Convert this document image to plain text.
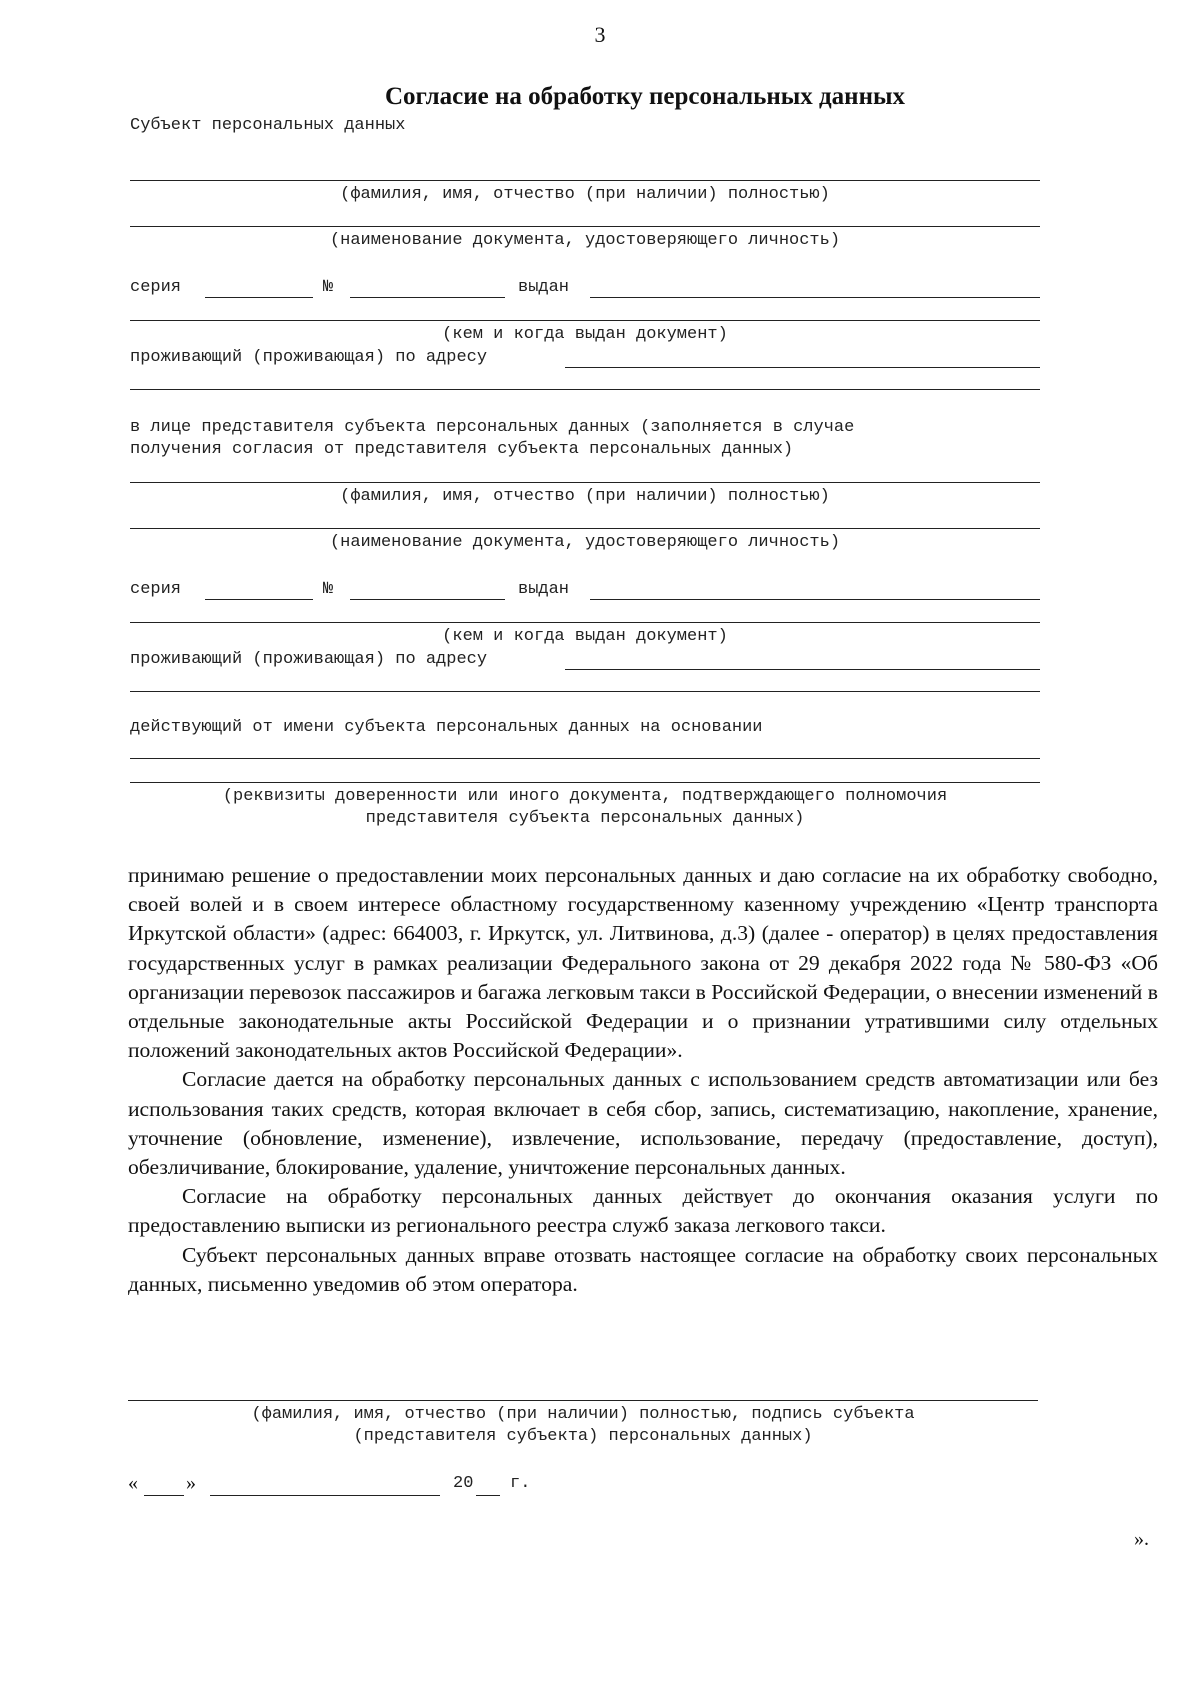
3
Согласие на обработку персональных данных
Субъект персональных данных
(фамилия, имя, отчество (при наличии) полностью)
(наименование документа, удостоверяющего личность)
серия	№	выдан
(кем и когда выдан документ)
проживающий (проживающая) по адресу
в лице представителя субъекта персональных данных (заполняется в случае
получения согласия от представителя субъекта персональных данных)
(фамилия, имя, отчество (при наличии) полностью)
(наименование документа, удостоверяющего личность)
серия	№	выдан
(кем и когда выдан документ)
проживающий (проживающая) по адресу
действующий от имени субъекта персональных данных на основании
(реквизиты доверенности или иного документа, подтверждающего полномочия
представителя субъекта персональных данных)

принимаю решение о предоставлении моих персональных данных и даю согласие на их обработку свободно, своей волей и в своем интересе областному государственному казенному учреждению «Центр транспорта Иркутской области» (адрес: 664003, г. Иркутск, ул. Литвинова, д.3) (далее - оператор) в целях предоставления государственных услуг в рамках реализации Федерального закона от 29 декабря 2022 года № 580-ФЗ «Об организации перевозок пассажиров и багажа легковым такси в Российской Федерации, о внесении изменений в отдельные законодательные акты Российской Федерации и о признании утратившими силу отдельных положений законодательных актов Российской Федерации».

Согласие дается на обработку персональных данных с использованием средств автоматизации или без использования таких средств, которая включает в себя сбор, запись, систематизацию, накопление, хранение, уточнение (обновление, изменение), извлечение, использование, передачу (предоставление, доступ), обезличивание, блокирование, удаление, уничтожение персональных данных.

Согласие на обработку персональных данных действует до окончания оказания услуги по предоставлению выписки из регионального реестра служб заказа легкового такси.

Субъект персональных данных вправе отозвать настоящее согласие на обработку своих персональных данных, письменно уведомив об этом оператора.

(фамилия, имя, отчество (при наличии) полностью, подпись субъекта
(представителя субъекта) персональных данных)
« »	20 г.
».
